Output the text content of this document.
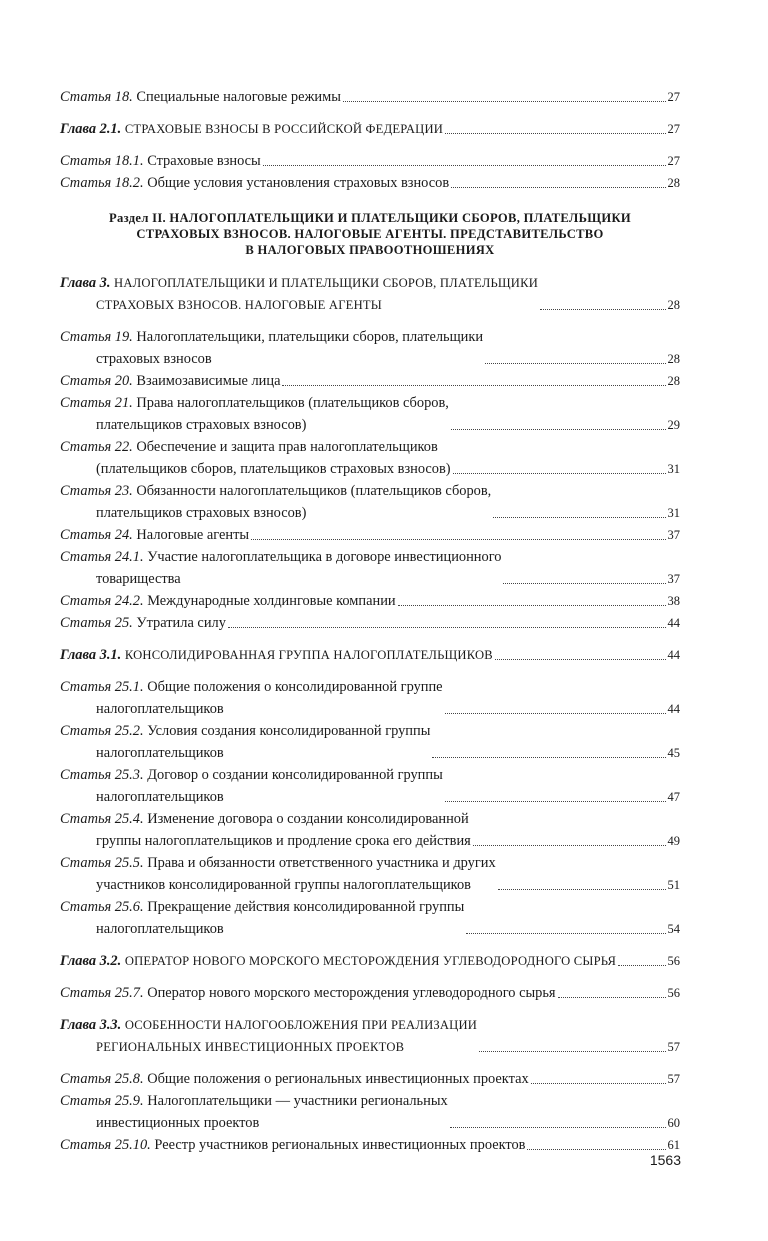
Статья 18. Специальные налоговые режимы	27
Глава 2.1. СТРАХОВЫЕ ВЗНОСЫ В РОССИЙСКОЙ ФЕДЕРАЦИИ	27
Статья 18.1. Страховые взносы	27
Статья 18.2. Общие условия установления страховых взносов	28
Раздел II. НАЛОГОПЛАТЕЛЬЩИКИ И ПЛАТЕЛЬЩИКИ СБОРОВ, ПЛАТЕЛЬЩИКИ
СТРАХОВЫХ ВЗНОСОВ. НАЛОГОВЫЕ АГЕНТЫ. ПРЕДСТАВИТЕЛЬСТВО
В НАЛОГОВЫХ ПРАВООТНОШЕНИЯХ
Глава 3. НАЛОГОПЛАТЕЛЬЩИКИ И ПЛАТЕЛЬЩИКИ СБОРОВ, ПЛАТЕЛЬЩИКИ
СТРАХОВЫХ ВЗНОСОВ. НАЛОГОВЫЕ АГЕНТЫ	28
Статья 19. Налогоплательщики, плательщики сборов, плательщики
страховых взносов	28
Статья 20. Взаимозависимые лица	28
Статья 21. Права налогоплательщиков (плательщиков сборов,
плательщиков страховых взносов)	29
Статья 22. Обеспечение и защита прав налогоплательщиков
(плательщиков сборов, плательщиков страховых взносов)	31
Статья 23. Обязанности налогоплательщиков (плательщиков сборов,
плательщиков страховых взносов)	31
Статья 24. Налоговые агенты	37
Статья 24.1. Участие налогоплательщика в договоре инвестиционного
товарищества	37
Статья 24.2. Международные холдинговые компании	38
Статья 25. Утратила силу	44
Глава 3.1. КОНСОЛИДИРОВАННАЯ ГРУППА НАЛОГОПЛАТЕЛЬЩИКОВ	44
Статья 25.1. Общие положения о консолидированной группе
налогоплательщиков	44
Статья 25.2. Условия создания консолидированной группы
налогоплательщиков	45
Статья 25.3. Договор о создании консолидированной группы
налогоплательщиков	47
Статья 25.4. Изменение договора о создании консолидированной
группы налогоплательщиков и продление срока его действия	49
Статья 25.5. Права и обязанности ответственного участника и других
участников консолидированной группы налогоплательщиков	51
Статья 25.6. Прекращение действия консолидированной группы
налогоплательщиков	54
Глава 3.2. ОПЕРАТОР НОВОГО МОРСКОГО МЕСТОРОЖДЕНИЯ УГЛЕВОДОРОДНОГО СЫРЬЯ	56
Статья 25.7. Оператор нового морского месторождения углеводородного сырья	56
Глава 3.3. ОСОБЕННОСТИ НАЛОГООБЛОЖЕНИЯ ПРИ РЕАЛИЗАЦИИ
РЕГИОНАЛЬНЫХ ИНВЕСТИЦИОННЫХ ПРОЕКТОВ	57
Статья 25.8. Общие положения о региональных инвестиционных проектах	57
Статья 25.9. Налогоплательщики — участники региональных
инвестиционных проектов	60
Статья 25.10. Реестр участников региональных инвестиционных проектов	61
1563
